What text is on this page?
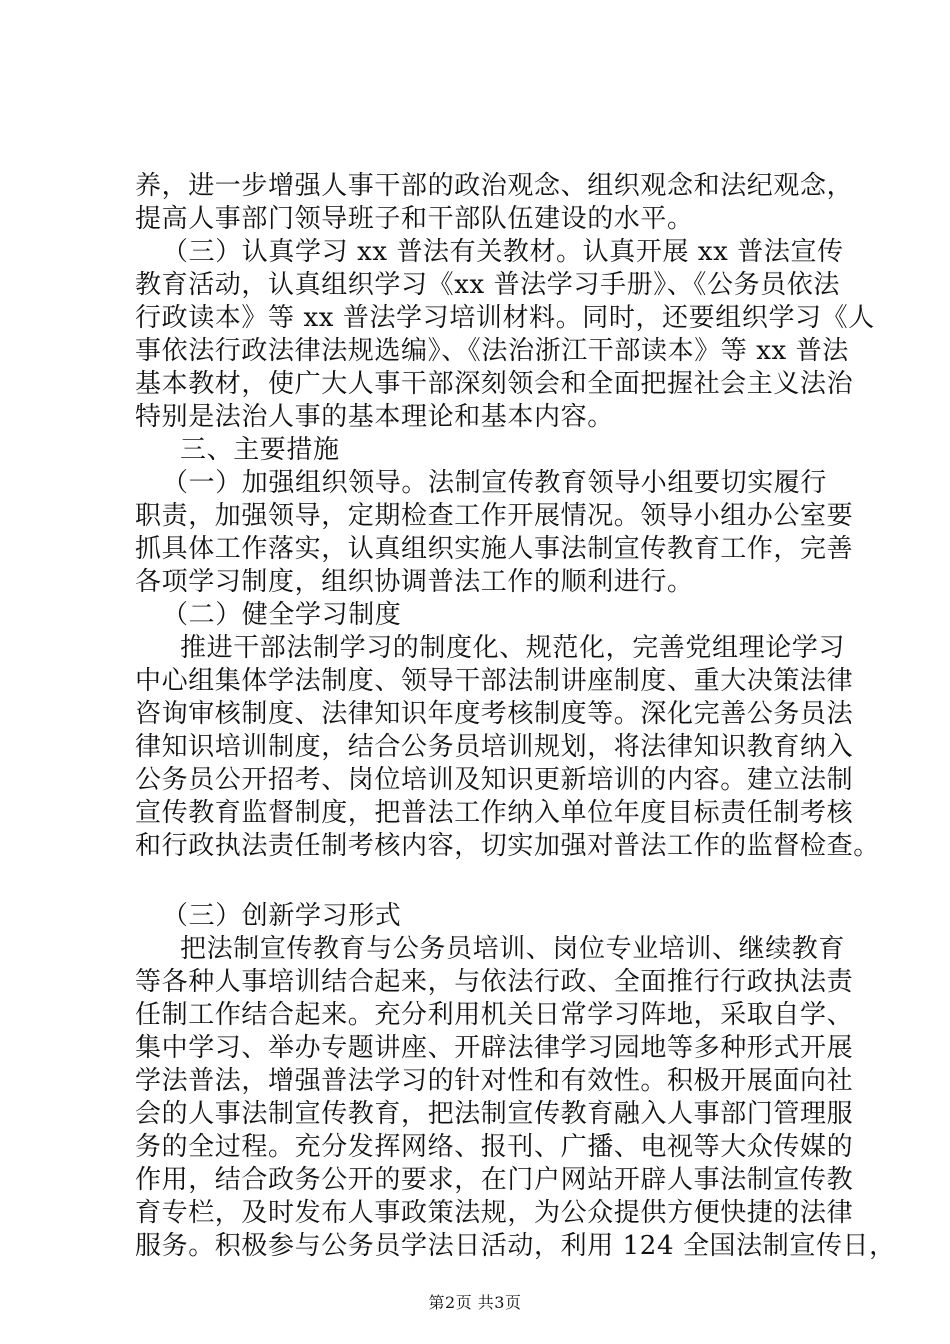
养，进一步增强人事干部的政治观念、组织观念和法纪观念，
提高人事部门领导班子和干部队伍建设的水平。
（三）认真学习 xx 普法有关教材。认真开展 xx 普法宣传
教育活动，认真组织学习《xx 普法学习手册》、《公务员依法
行政读本》等 xx 普法学习培训材料。同时，还要组织学习《人
事依法行政法律法规选编》、《法治浙江干部读本》等 xx 普法
基本教材，使广大人事干部深刻领会和全面把握社会主义法治
特别是法治人事的基本理论和基本内容。
三、主要措施
（一）加强组织领导。法制宣传教育领导小组要切实履行
职责，加强领导，定期检查工作开展情况。领导小组办公室要
抓具体工作落实，认真组织实施人事法制宣传教育工作，完善
各项学习制度，组织协调普法工作的顺利进行。
（二）健全学习制度
推进干部法制学习的制度化、规范化，完善党组理论学习
中心组集体学法制度、领导干部法制讲座制度、重大决策法律
咨询审核制度、法律知识年度考核制度等。深化完善公务员法
律知识培训制度，结合公务员培训规划，将法律知识教育纳入
公务员公开招考、岗位培训及知识更新培训的内容。建立法制
宣传教育监督制度，把普法工作纳入单位年度目标责任制考核
和行政执法责任制考核内容，切实加强对普法工作的监督检查。
（三）创新学习形式
把法制宣传教育与公务员培训、岗位专业培训、继续教育
等各种人事培训结合起来，与依法行政、全面推行行政执法责
任制工作结合起来。充分利用机关日常学习阵地，采取自学、
集中学习、举办专题讲座、开辟法律学习园地等多种形式开展
学法普法，增强普法学习的针对性和有效性。积极开展面向社
会的人事法制宣传教育，把法制宣传教育融入人事部门管理服
务的全过程。充分发挥网络、报刊、广播、电视等大众传媒的
作用，结合政务公开的要求，在门户网站开辟人事法制宣传教
育专栏，及时发布人事政策法规，为公众提供方便快捷的法律
服务。积极参与公务员学法日活动，利用 124 全国法制宣传日，
第2页 共3页
